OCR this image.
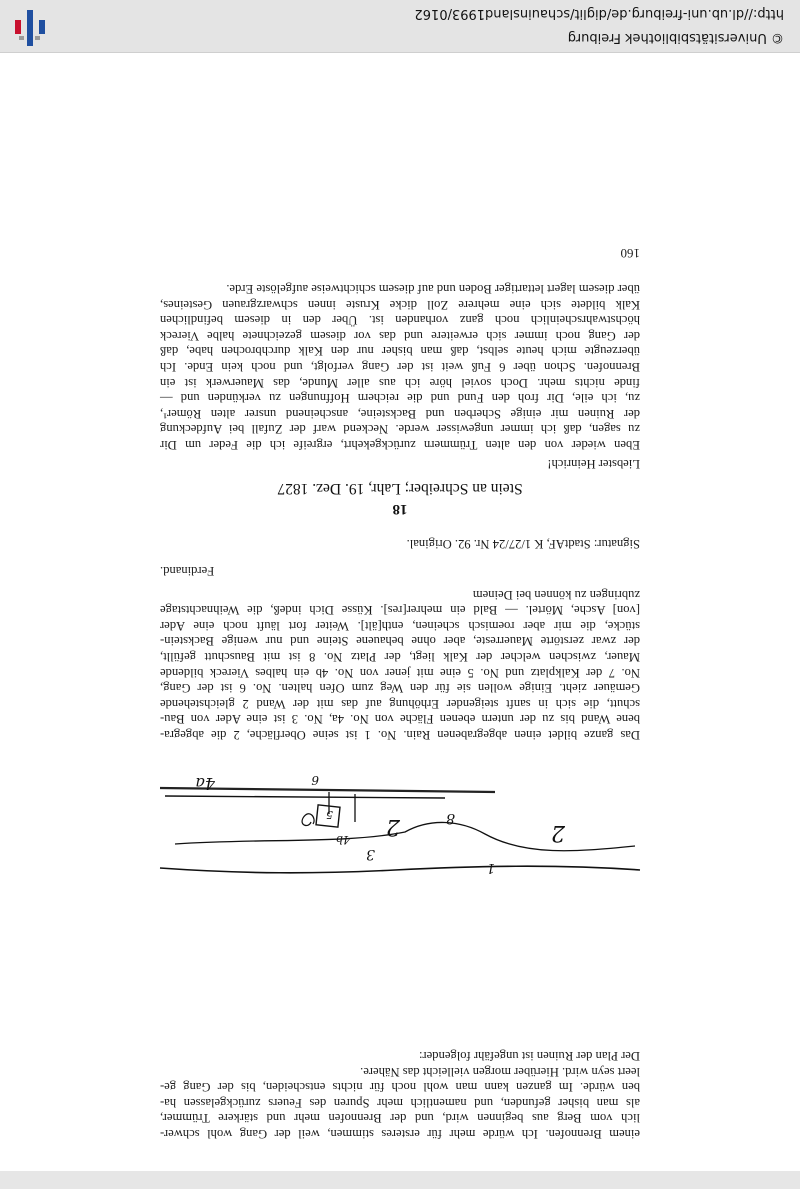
einem Brennofen. Ich würde mehr für ersteres stimmen, weil der Gang wohl schwer-
lich vom Berg aus beginnen wird, und der Brennofen mehr und stärkere Trümmer,
als man bisher gefunden, und namentlich mehr Spuren des Feuers zurückgelassen ha-
ben würde. Im ganzen kann man wohl noch für nichts entscheiden, bis der Gang ge-
leert seyn wird. Hierüber morgen vielleicht das Nähere.
Der Plan der Ruinen ist ungefähr folgender:
1
2
2
3
4a
4b
5
6
8
Das ganze bildet einen abgegrabenen Rain. No. 1 ist seine Oberfläche, 2 die abgegra-
bene Wand bis zu der untern ebenen Fläche von No. 4a, No. 3 ist eine Ader von Bau-
schutt, die sich in sanft steigender Erhöhung auf das mit der Wand 2 gleichstehende
Gemäuer zieht. Einige wollen sie für den Weg zum Ofen halten. No. 6 ist der Gang,
No. 7 der Kalkplatz und No. 5 eine mit jener von No. 4b ein halbes Viereck bildende
Mauer, zwischen welcher der Kalk liegt, der Platz No. 8 ist mit Bauschutt gefüllt,
der zwar zerstörte Mauerreste, aber ohne behauene Steine und nur wenige Backstein-
stücke, die mir aber roemisch scheinen, enth[ält]. Weiter fort läuft noch eine Ader
[von] Asche, Mörtel. — Bald ein mehrer[res]. Küsse Dich indeß, die Weihnachtstage
zubringen zu können bei Deinem
Ferdinand.
Signatur: StadtAF, K 1/27/24 Nr. 92. Original.
18
Stein an Schreiber; Lahr, 19. Dez. 1827
Liebster Heinrich!
Eben wieder von den alten Trümmern zurückgekehrt, ergreife ich die Feder um Dir
zu sagen, daß ich immer ungewisser werde. Neckend warf der Zufall bei Aufdeckung
der Ruinen mir einige Scherben und Backsteine, anscheinend unsrer alten Römer¹,
zu, ich eile, Dir froh den Fund und die reichern Hoffnungen zu verkünden und —
finde nichts mehr. Doch soviel höre ich aus aller Munde, das Mauerwerk ist ein
Brennofen. Schon über 6 Fuß weit ist der Gang verfolgt, und noch kein Ende. Ich
überzeugte mich heute selbst, daß man bisher nur den Kalk durchbrochen habe, daß
der Gang noch immer sich erweitere und das vor diesem gezeichnete halbe Viereck
höchstwahrscheinlich noch ganz vorhanden ist. Über den in diesem befindlichen
Kalk bildete sich eine mehrere Zoll dicke Kruste innen schwarzgrauen Gesteines,
über diesem lagert lettartiger Boden und auf diesem schichtweise aufgelöste Erde.
160
© Universitätsbibliothek Freiburg
http://dl.ub.uni-freiburg.de/diglit/schauinsland1993/0162
